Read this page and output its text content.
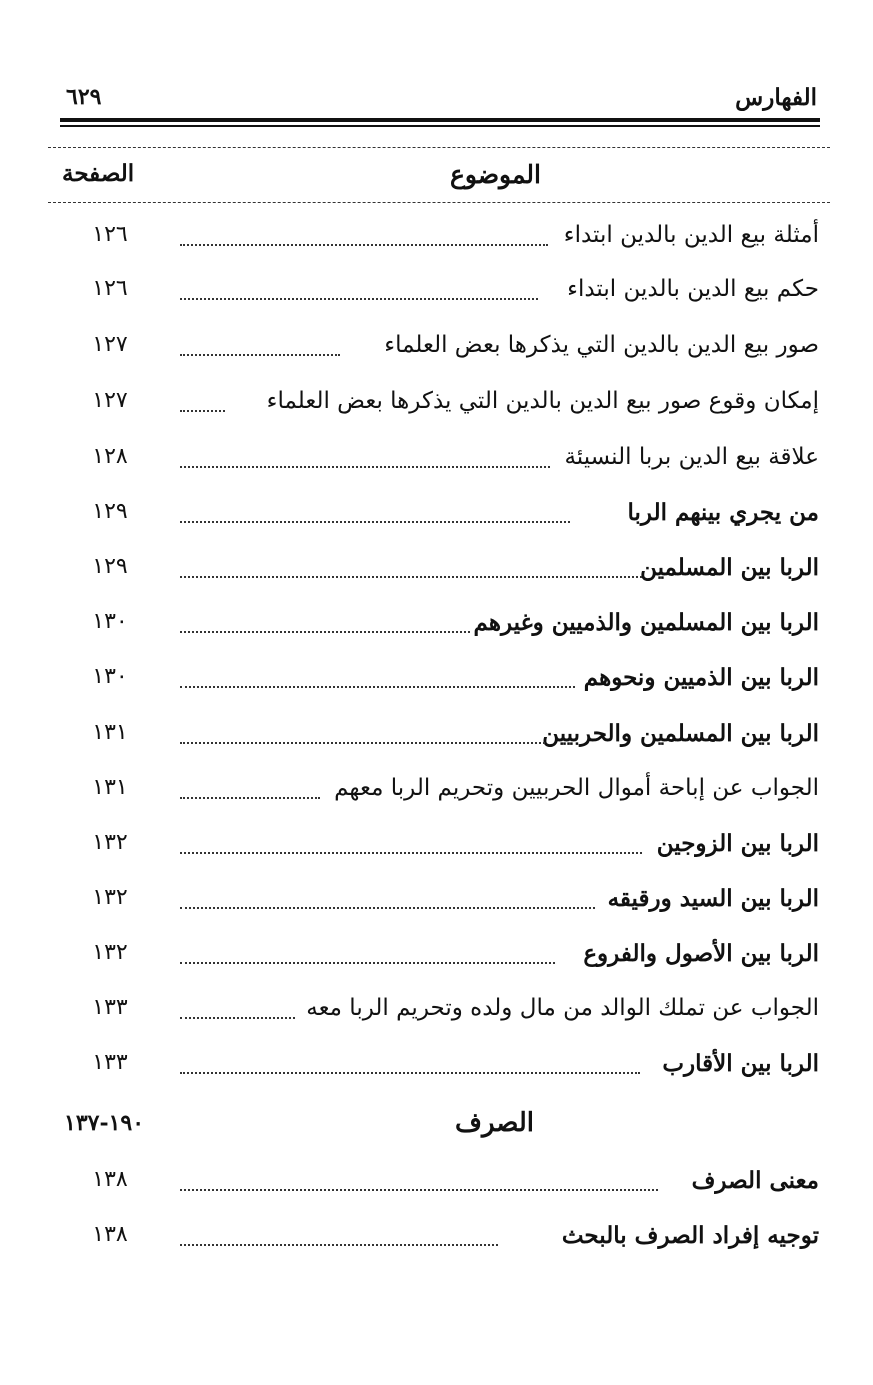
الفهارس
٦٢٩
الموضوع
الصفحة
أمثلة بيع الدين بالدين ابتداء
١٢٦
حكم بيع الدين بالدين ابتداء
١٢٦
صور بيع الدين بالدين التي يذكرها بعض العلماء
١٢٧
إمكان وقوع صور بيع الدين بالدين التي يذكرها بعض العلماء
١٢٧
علاقة بيع الدين بربا النسيئة
١٢٨
من يجري بينهم الربا
١٢٩
الربا بين المسلمين
١٢٩
الربا بين المسلمين والذميين وغيرهم
١٣٠
الربا بين الذميين ونحوهم
١٣٠
الربا بين المسلمين والحربيين
١٣١
الجواب عن إباحة أموال الحربيين وتحريم الربا معهم
١٣١
الربا بين الزوجين
١٣٢
الربا بين السيد ورقيقه
١٣٢
الربا بين الأصول والفروع
١٣٢
الجواب عن تملك الوالد من مال ولده وتحريم الربا معه
١٣٣
الربا بين الأقارب
١٣٣
الصرف
١٩٠-١٣٧
معنى الصرف
١٣٨
توجيه إفراد الصرف بالبحث
١٣٨
